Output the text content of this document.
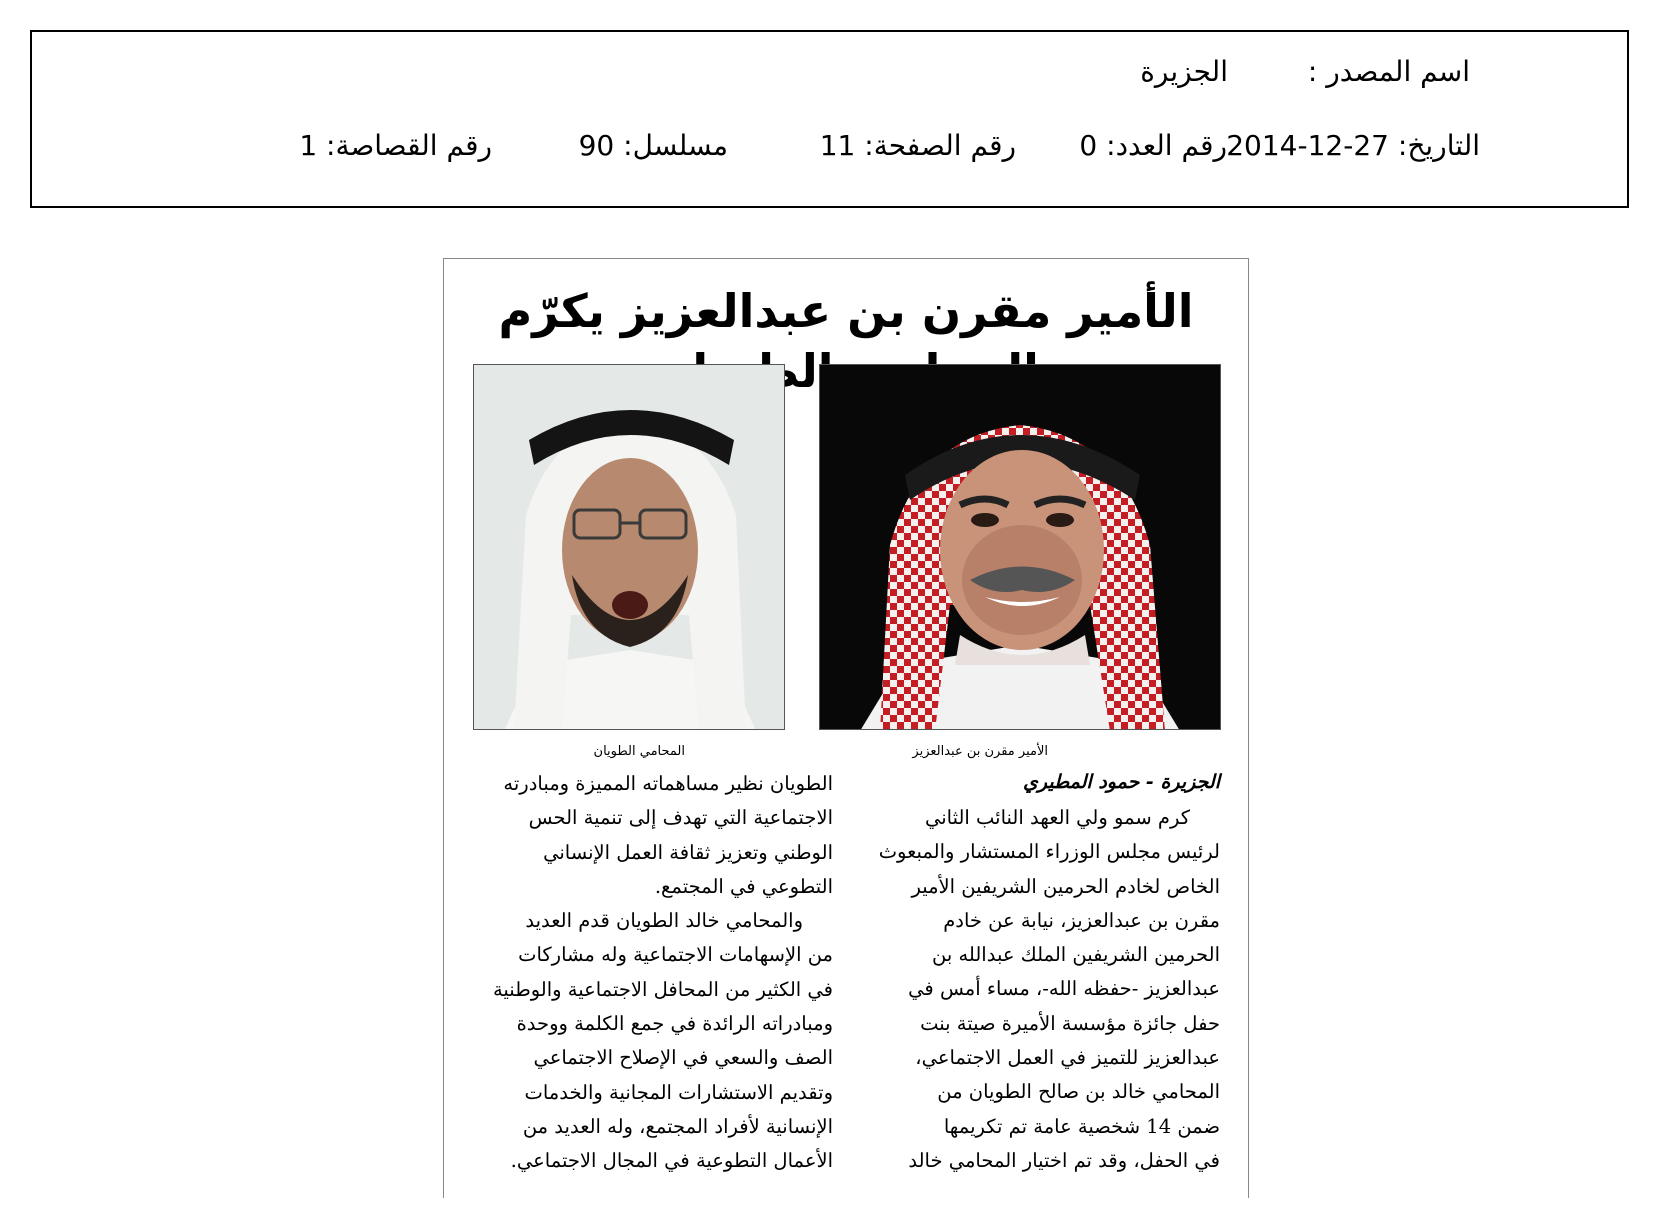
اسم المصدر :
الجزيرة
التاريخ: 27-12-2014
رقم العدد: 0
رقم الصفحة: 11
مسلسل: 90
رقم القصاصة: 1
الأمير مقرن بن عبدالعزيز يكرّم
الأمير مقرن بن عبدالعزيز
المحامي الطويان
الجزيرة - حمود المطيري
كرم سمو ولي العهد النائب الثاني
لرئيس مجلس الوزراء المستشار والمبعوث
الخاص لخادم الحرمين الشريفين الأمير
مقرن بن عبدالعزيز، نيابة عن خادم
الحرمين الشريفين الملك عبدالله بن
عبدالعزيز -حفظه الله-، مساء أمس في
حفل جائزة مؤسسة الأميرة صيتة بنت
عبدالعزيز للتميز في العمل الاجتماعي،
المحامي خالد بن صالح الطويان من
ضمن 14 شخصية عامة تم تكريمها
في الحفل، وقد تم اختيار المحامي خالد
الطويان نظير مساهماته المميزة ومبادرته
الاجتماعية التي تهدف إلى تنمية الحس
الوطني وتعزيز ثقافة العمل الإنساني
التطوعي في المجتمع.
والمحامي خالد الطويان قدم العديد
من الإسهامات الاجتماعية وله مشاركات
في الكثير من المحافل الاجتماعية والوطنية
ومبادراته الرائدة في جمع الكلمة ووحدة
الصف والسعي في الإصلاح الاجتماعي
وتقديم الاستشارات المجانية والخدمات
الإنسانية لأفراد المجتمع، وله العديد من
الأعمال التطوعية في المجال الاجتماعي.
